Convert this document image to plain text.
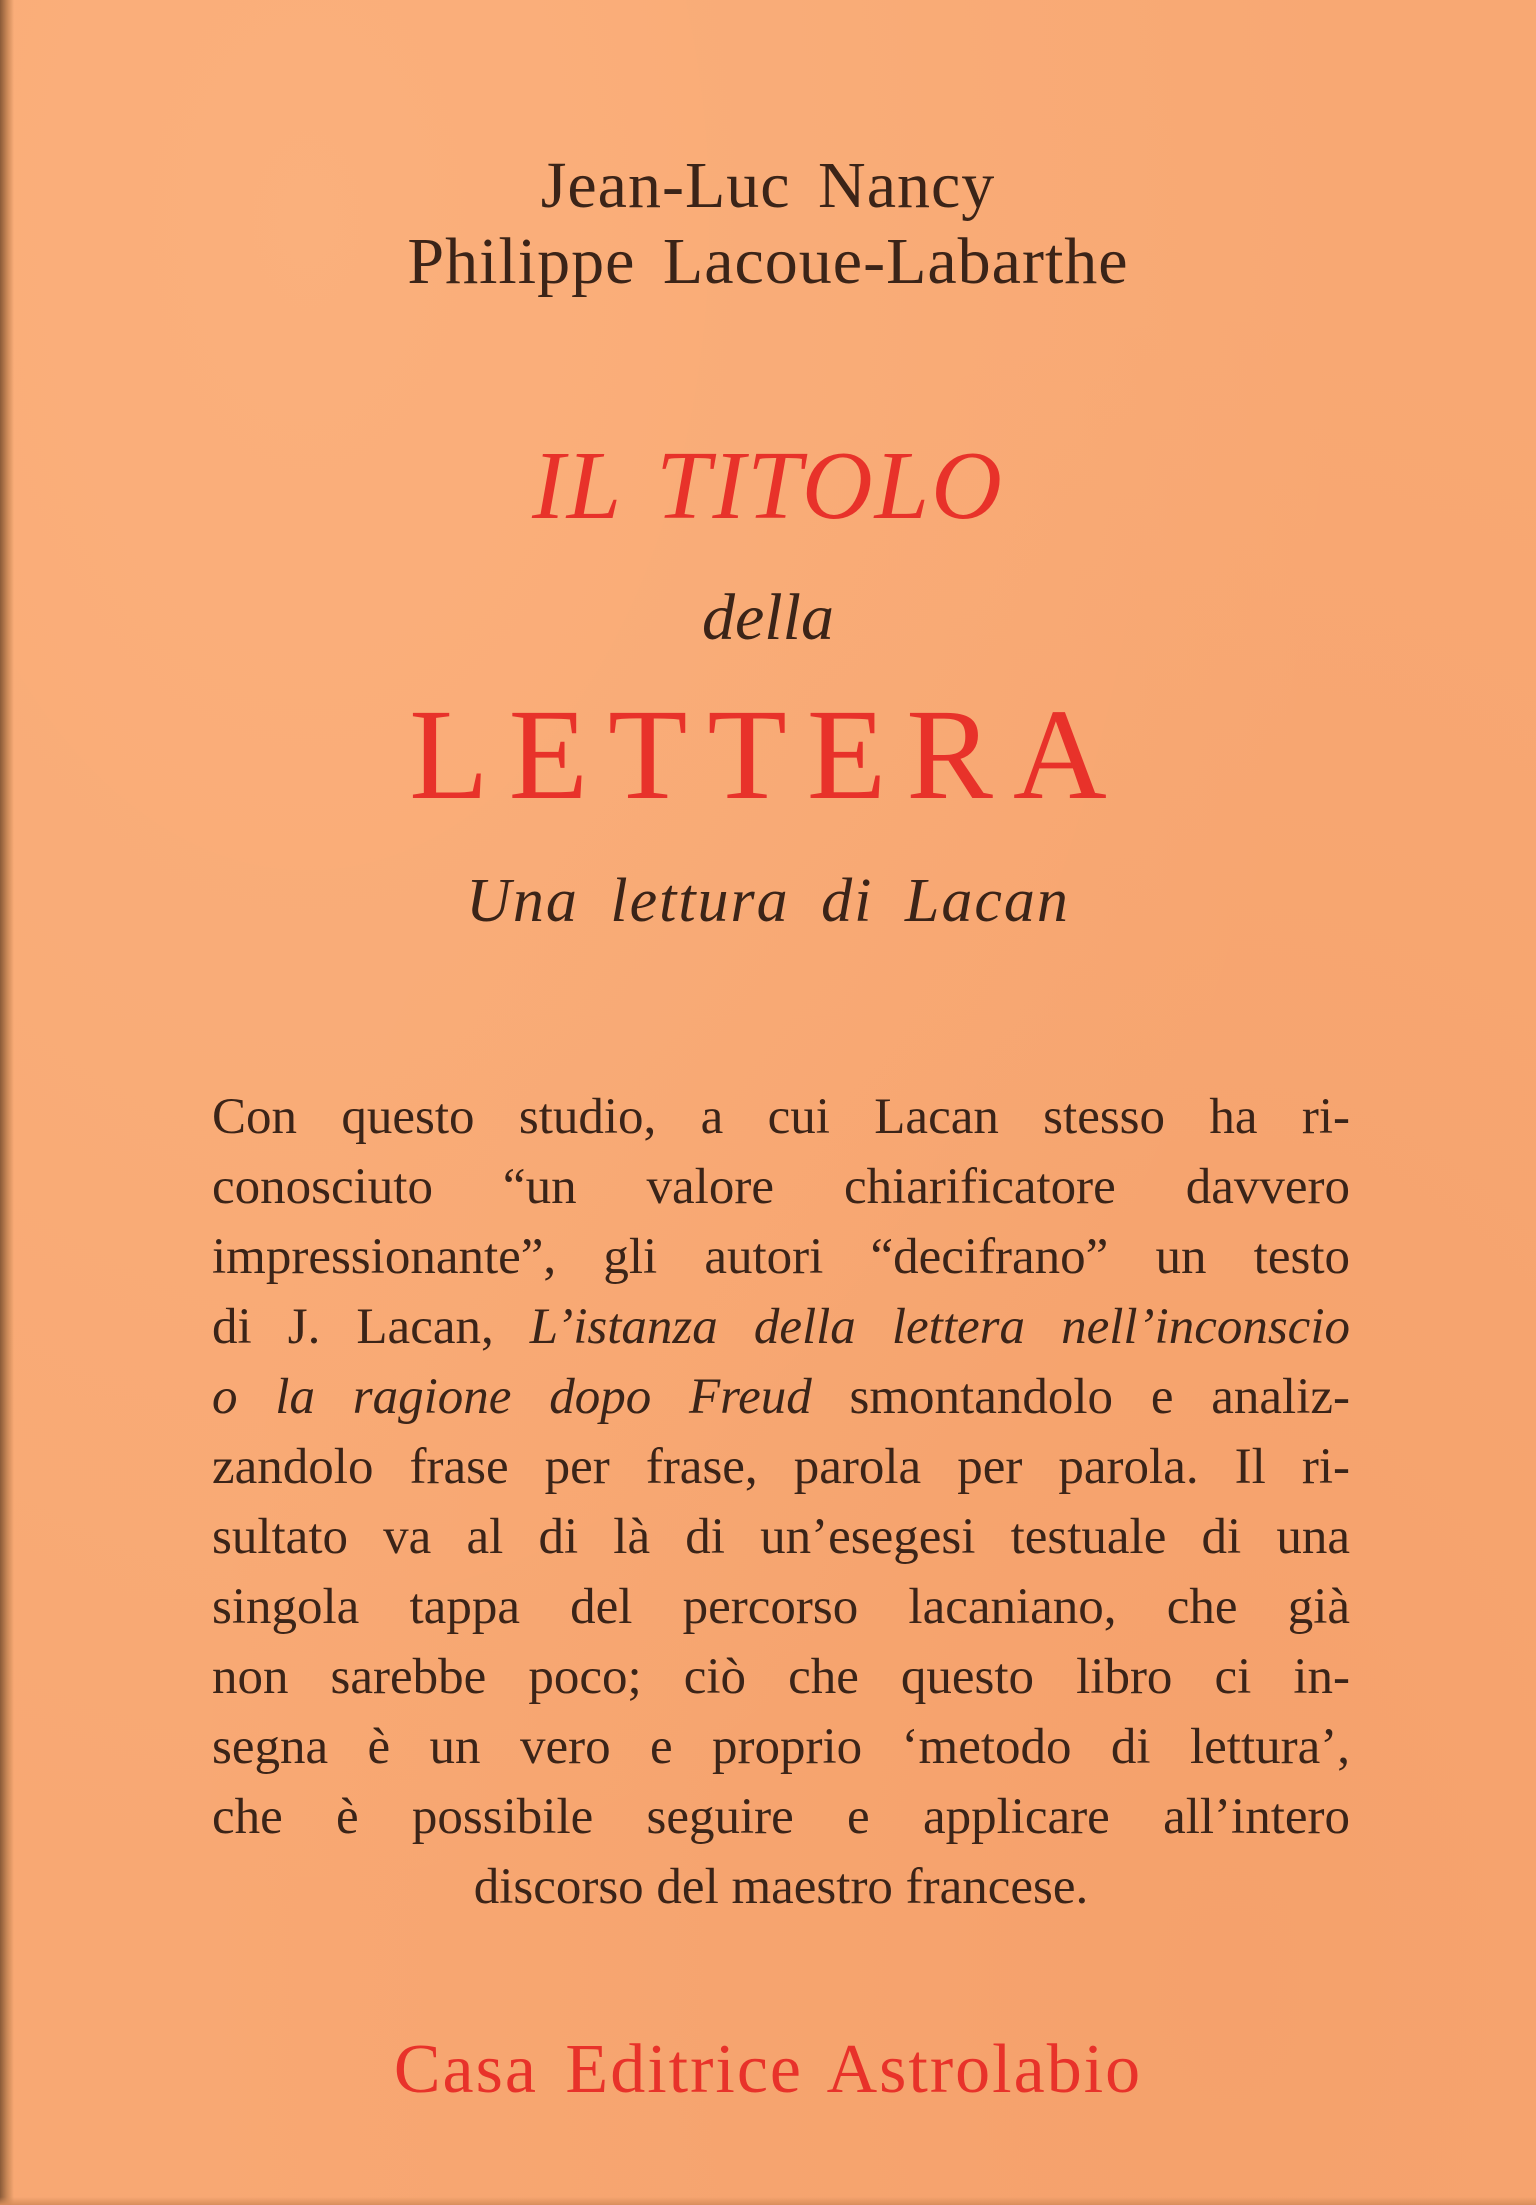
Jean-Luc Nancy
Philippe Lacoue-Labarthe
IL TITOLO
della
LETTERA
Una lettura di Lacan
Con questo studio, a cui Lacan stesso ha ri-
conosciuto “un valore chiarificatore davvero
impressionante”, gli autori “decifrano” un testo
di J. Lacan, L’istanza della lettera nell’inconscio
o la ragione dopo Freud smontandolo e analiz-
zandolo frase per frase, parola per parola. Il ri-
sultato va al di là di un’esegesi testuale di una
singola tappa del percorso lacaniano, che già
non sarebbe poco; ciò che questo libro ci in-
segna è un vero e proprio ‘metodo di lettura’,
che è possibile seguire e applicare all’intero
discorso del maestro francese.
Casa Editrice Astrolabio
